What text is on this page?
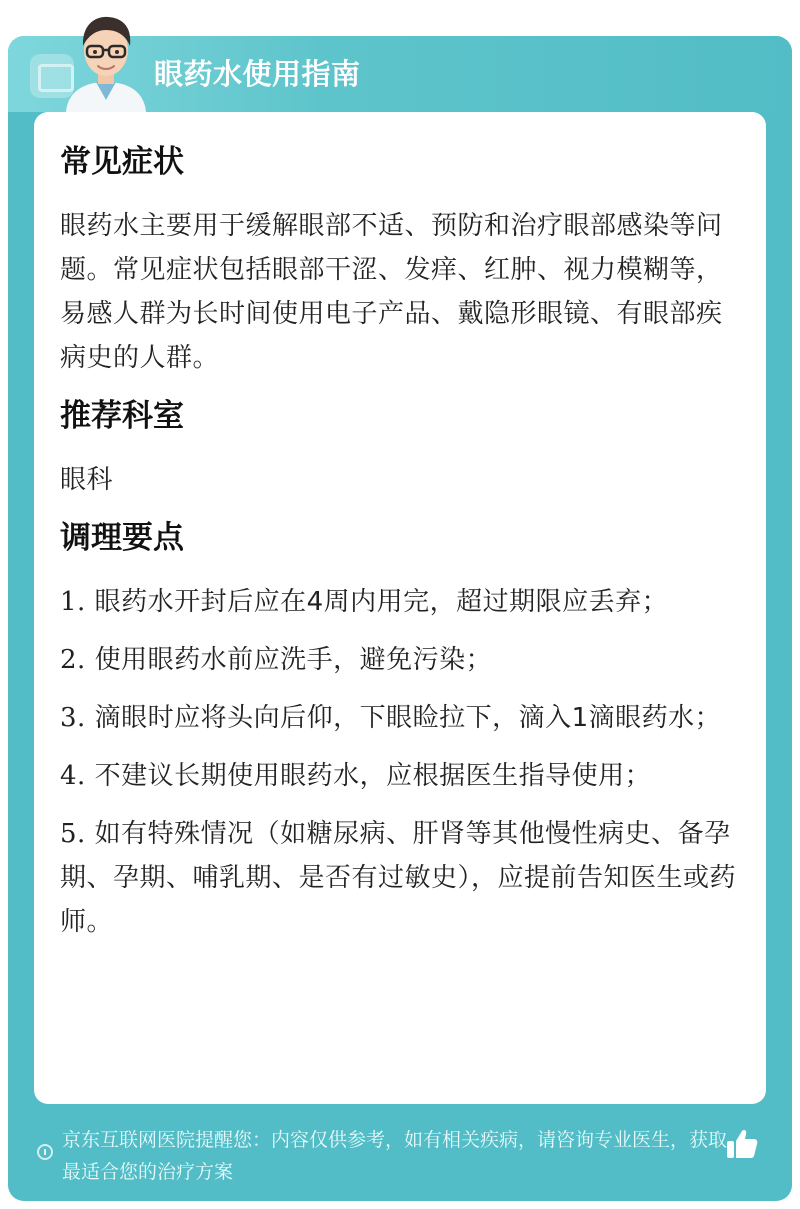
眼药水使用指南
常见症状

眼药水主要用于缓解眼部不适、预防和治疗眼部感染等问题。常见症状包括眼部干涩、发痒、红肿、视力模糊等，易感人群为长时间使用电子产品、戴隐形眼镜、有眼部疾病史的人群。

推荐科室

眼科

调理要点
1. 眼药水开封后应在4周内用完，超过期限应丢弃；
2. 使用眼药水前应洗手，避免污染；
3. 滴眼时应将头向后仰，下眼睑拉下，滴入1滴眼药水；
4. 不建议长期使用眼药水，应根据医生指导使用；
5. 如有特殊情况（如糖尿病、肝肾等其他慢性病史、备孕期、孕期、哺乳期、是否有过敏史），应提前告知医生或药师。
京东互联网医院提醒您：内容仅供参考，如有相关疾病，请咨询专业医生，获取最适合您的治疗方案
